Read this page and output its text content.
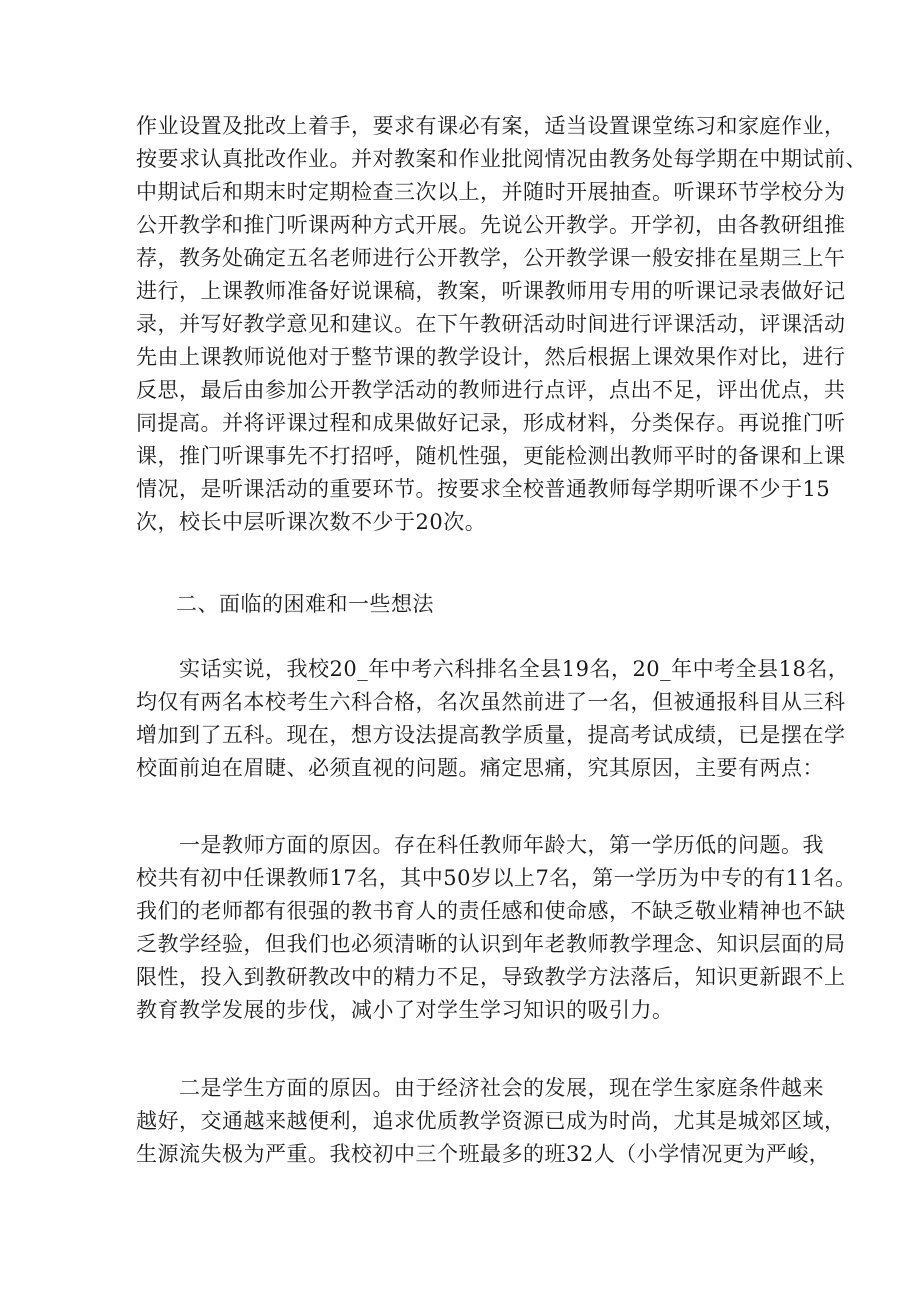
作业设置及批改上着手，要求有课必有案，适当设置课堂练习和家庭作业，
按要求认真批改作业。并对教案和作业批阅情况由教务处每学期在中期试前、
中期试后和期末时定期检查三次以上，并随时开展抽查。听课环节学校分为
公开教学和推门听课两种方式开展。先说公开教学。开学初，由各教研组推
荐，教务处确定五名老师进行公开教学，公开教学课一般安排在星期三上午
进行，上课教师准备好说课稿，教案，听课教师用专用的听课记录表做好记
录，并写好教学意见和建议。在下午教研活动时间进行评课活动，评课活动
先由上课教师说他对于整节课的教学设计，然后根据上课效果作对比，进行
反思，最后由参加公开教学活动的教师进行点评，点出不足，评出优点，共
同提高。并将评课过程和成果做好记录，形成材料，分类保存。再说推门听
课，推门听课事先不打招呼，随机性强，更能检测出教师平时的备课和上课
情况，是听课活动的重要环节。按要求全校普通教师每学期听课不少于15
次，校长中层听课次数不少于20次。

二、面临的困难和一些想法

　　实话实说，我校20_年中考六科排名全县19名，20_年中考全县18名，
均仅有两名本校考生六科合格，名次虽然前进了一名，但被通报科目从三科
增加到了五科。现在，想方设法提高教学质量，提高考试成绩，已是摆在学
校面前迫在眉睫、必须直视的问题。痛定思痛，究其原因，主要有两点：
　　一是教师方面的原因。存在科任教师年龄大，第一学历低的问题。我
校共有初中任课教师17名，其中50岁以上7名，第一学历为中专的有11名。
我们的老师都有很强的教书育人的责任感和使命感，不缺乏敬业精神也不缺
乏教学经验，但我们也必须清晰的认识到年老教师教学理念、知识层面的局
限性，投入到教研教改中的精力不足，导致教学方法落后，知识更新跟不上
教育教学发展的步伐，减小了对学生学习知识的吸引力。
　　二是学生方面的原因。由于经济社会的发展，现在学生家庭条件越来
越好，交通越来越便利，追求优质教学资源已成为时尚，尤其是城郊区域，
生源流失极为严重。我校初中三个班最多的班32人（小学情况更为严峻，
